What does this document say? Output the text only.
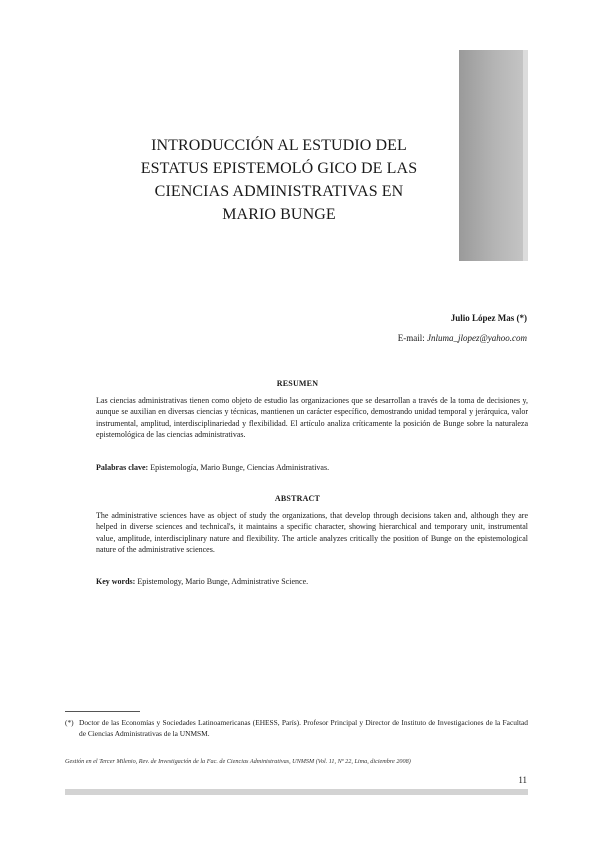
INTRODUCCIÓN AL ESTUDIO DEL
ESTATUS EPISTEMOLÓ GICO DE LAS
CIENCIAS ADMINISTRATIVAS EN
MARIO BUNGE
Julio López Mas (*)
E-mail: Jnluma_jlopez@yahoo.com
RESUMEN
Las ciencias administrativas tienen como objeto de estudio las organizaciones que se desarrollan a través de la toma de decisiones y, aunque se auxilian en diversas ciencias y técnicas, mantienen un carácter específico, demostrando unidad temporal y jerárquica, valor instrumental, amplitud, interdisciplinariedad y flexibilidad. El artículo analiza críticamente la posición de Bunge sobre la naturaleza epistemológica de las ciencias administrativas.
Palabras clave: Epistemología, Mario Bunge, Ciencias Administrativas.
ABSTRACT
The administrative sciences have as object of study the organizations, that develop through decisions taken and, although they are helped in diverse sciences and technical's, it maintains a specific character, showing hierarchical and temporary unit, instrumental value, amplitude, interdisciplinary nature and flexibility. The article analyzes critically the position of Bunge on the epistemological nature of the administrative sciences.
Key words: Epistemology, Mario Bunge, Administrative Science.
(*) Doctor de las Economías y Sociedades Latinoamericanas (EHESS, París). Profesor Principal y Director de Instituto de Investigaciones de la Facultad de Ciencias Administrativas de la UNMSM.
Gestión en el Tercer Milenio, Rev. de Investigación de la Fac. de Ciencias Administrativas, UNMSM (Vol. 11, Nº 22, Lima, diciembre 2008)
11
